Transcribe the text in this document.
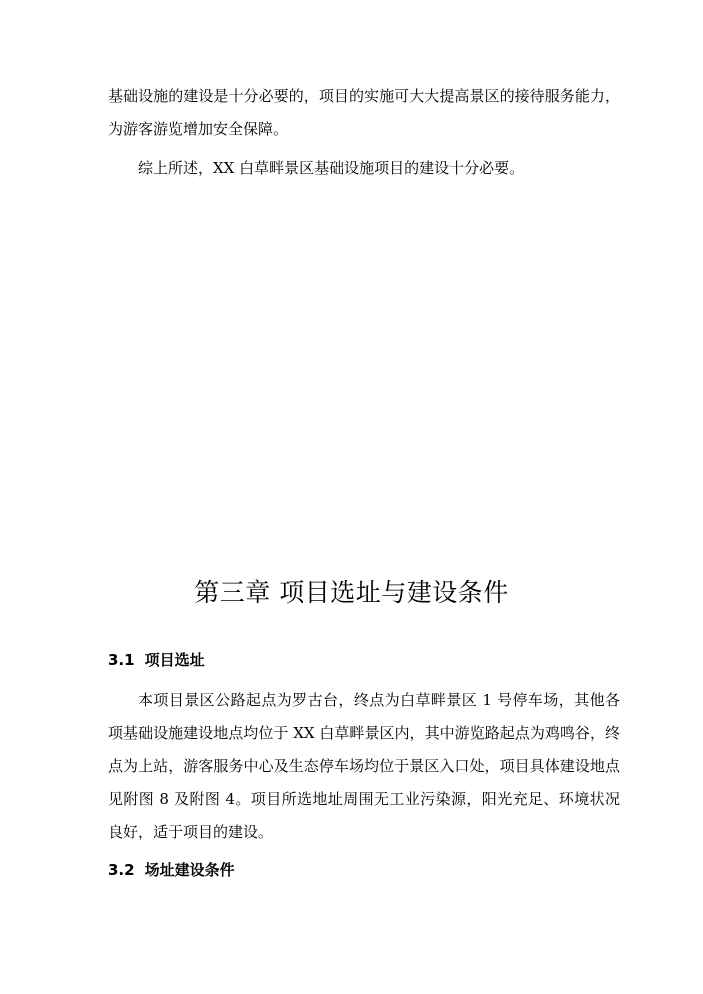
基础设施的建设是十分必要的，项目的实施可大大提高景区的接待服务能力，为游客游览增加安全保障。

综上所述，XX 白草畔景区基础设施项目的建设十分必要。

第三章 项目选址与建设条件
3.1 项目选址

本项目景区公路起点为罗古台，终点为白草畔景区 1 号停车场，其他各项基础设施建设地点均位于 XX 白草畔景区内，其中游览路起点为鸡鸣谷，终点为上站，游客服务中心及生态停车场均位于景区入口处，项目具体建设地点见附图 8 及附图 4。项目所选地址周围无工业污染源，阳光充足、环境状况良好，适于项目的建设。

3.2 场址建设条件
